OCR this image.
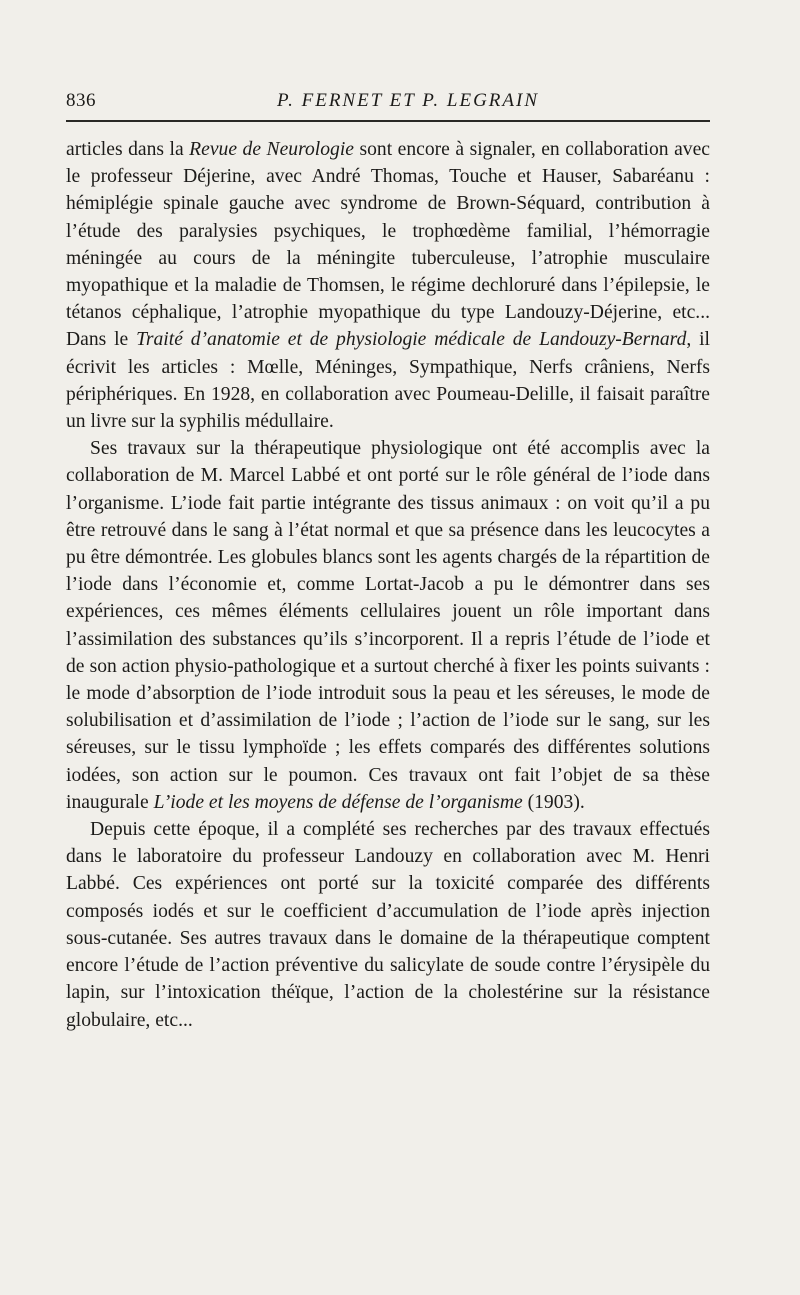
836	P. FERNET ET P. LEGRAIN

articles dans la Revue de Neurologie sont encore à signaler, en collaboration avec le professeur Déjerine, avec André Thomas, Touche et Hauser, Sabaréanu : hémiplégie spinale gauche avec syndrome de Brown-Séquard, contribution à l’étude des paralysies psychiques, le trophœdème familial, l’hémorragie méningée au cours de la méningite tuberculeuse, l’atrophie musculaire myopathique et la maladie de Thomsen, le régime dechloruré dans l’épilepsie, le tétanos céphalique, l’atrophie myopathique du type Landouzy-Déjerine, etc... Dans le Traité d’anatomie et de physiologie médicale de Landouzy-Bernard, il écrivit les articles : Mœlle, Méninges, Sympathique, Nerfs crâniens, Nerfs périphériques. En 1928, en collaboration avec Poumeau-Delille, il faisait paraître un livre sur la syphilis médullaire.

Ses travaux sur la thérapeutique physiologique ont été accomplis avec la collaboration de M. Marcel Labbé et ont porté sur le rôle général de l’iode dans l’organisme. L’iode fait partie intégrante des tissus animaux : on voit qu’il a pu être retrouvé dans le sang à l’état normal et que sa présence dans les leucocytes a pu être démontrée. Les globules blancs sont les agents chargés de la répartition de l’iode dans l’économie et, comme Lortat-Jacob a pu le démontrer dans ses expériences, ces mêmes éléments cellulaires jouent un rôle important dans l’assimilation des substances qu’ils s’incorporent. Il a repris l’étude de l’iode et de son action physio-pathologique et a surtout cherché à fixer les points suivants : le mode d’absorption de l’iode introduit sous la peau et les séreuses, le mode de solubilisation et d’assimilation de l’iode ; l’action de l’iode sur le sang, sur les séreuses, sur le tissu lymphoïde ; les effets comparés des différentes solutions iodées, son action sur le poumon. Ces travaux ont fait l’objet de sa thèse inaugurale L’iode et les moyens de défense de l’organisme (1903).

Depuis cette époque, il a complété ses recherches par des travaux effectués dans le laboratoire du professeur Landouzy en collaboration avec M. Henri Labbé. Ces expériences ont porté sur la toxicité comparée des différents composés iodés et sur le coefficient d’accumulation de l’iode après injection sous-cutanée. Ses autres travaux dans le domaine de la thérapeutique comptent encore l’étude de l’action préventive du salicylate de soude contre l’érysipèle du lapin, sur l’intoxication théïque, l’action de la cholestérine sur la résistance globulaire, etc...
